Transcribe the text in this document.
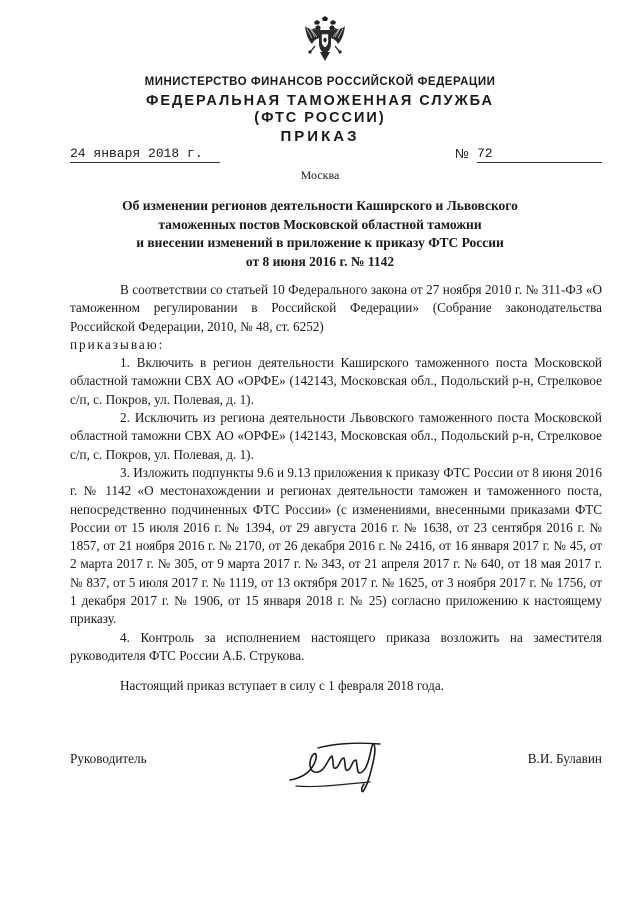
МИНИСТЕРСТВО ФИНАНСОВ РОССИЙСКОЙ ФЕДЕРАЦИИ
ФЕДЕРАЛЬНАЯ ТАМОЖЕННАЯ СЛУЖБА
(ФТС РОССИИ)
ПРИКАЗ
24 января 2018 г.	№ 72
Москва
Об изменении регионов деятельности Каширского и Львовского
таможенных постов Московской областной таможни
и внесении изменений в приложение к приказу ФТС России
от 8 июня 2016 г. № 1142

В соответствии со статьей 10 Федерального закона от 27 ноября 2010 г. № 311-ФЗ «О таможенном регулировании в Российской Федерации» (Собрание законодательства Российской Федерации, 2010, № 48, ст. 6252)

приказываю:

1. Включить в регион деятельности Каширского таможенного поста Московской областной таможни СВХ АО «ОРФЕ» (142143, Московская обл., Подольский р-н, Стрелковое с/п, с. Покров, ул. Полевая, д. 1).

2. Исключить из региона деятельности Львовского таможенного поста Московской областной таможни СВХ АО «ОРФЕ» (142143, Московская обл., Подольский р-н, Стрелковое с/п, с. Покров, ул. Полевая, д. 1).

3. Изложить подпункты 9.6 и 9.13 приложения к приказу ФТС России от 8 июня 2016 г. № 1142 «О местонахождении и регионах деятельности таможен и таможенного поста, непосредственно подчиненных ФТС России» (с изменениями, внесенными приказами ФТС России от 15 июля 2016 г. № 1394, от 29 августа 2016 г. № 1638, от 23 сентября 2016 г. № 1857, от 21 ноября 2016 г. № 2170, от 26 декабря 2016 г. № 2416, от 16 января 2017 г. № 45, от 2 марта 2017 г. № 305, от 9 марта 2017 г. № 343, от 21 апреля 2017 г. № 640, от 18 мая 2017 г. № 837, от 5 июля 2017 г. № 1119, от 13 октября 2017 г. № 1625, от 3 ноября 2017 г. № 1756, от 1 декабря 2017 г. № 1906, от 15 января 2018 г. № 25) согласно приложению к настоящему приказу.

4. Контроль за исполнением настоящего приказа возложить на заместителя руководителя ФТС России А.Б. Струкова.

Настоящий приказ вступает в силу с 1 февраля 2018 года.
Руководитель	В.И. Булавин
